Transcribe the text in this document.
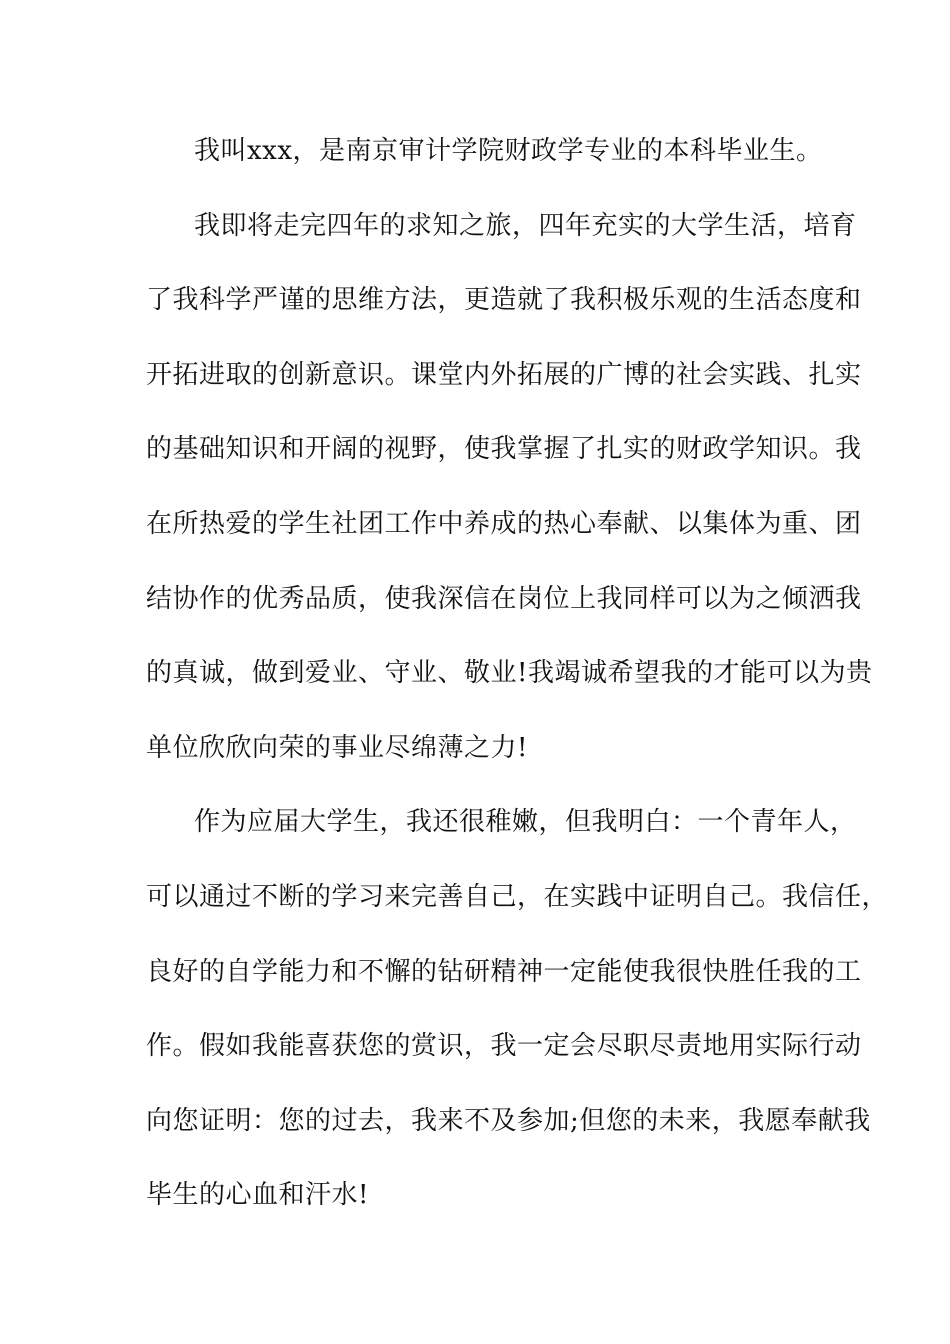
我叫xxx，是南京审计学院财政学专业的本科毕业生。
我即将走完四年的求知之旅，四年充实的大学生活，培育
了我科学严谨的思维方法，更造就了我积极乐观的生活态度和
开拓进取的创新意识。课堂内外拓展的广博的社会实践、扎实
的基础知识和开阔的视野，使我掌握了扎实的财政学知识。我
在所热爱的学生社团工作中养成的热心奉献、以集体为重、团
结协作的优秀品质，使我深信在岗位上我同样可以为之倾洒我
的真诚，做到爱业、守业、敬业!我竭诚希望我的才能可以为贵
单位欣欣向荣的事业尽绵薄之力!
作为应届大学生，我还很稚嫩，但我明白：一个青年人，
可以通过不断的学习来完善自己，在实践中证明自己。我信任，
良好的自学能力和不懈的钻研精神一定能使我很快胜任我的工
作。假如我能喜获您的赏识，我一定会尽职尽责地用实际行动
向您证明：您的过去，我来不及参加;但您的未来，我愿奉献我
毕生的心血和汗水!
